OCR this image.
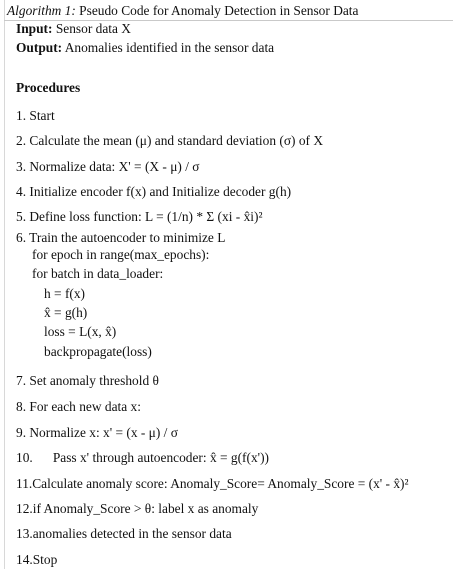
Algorithm 1: Pseudo Code for Anomaly Detection in Sensor Data
Input: Sensor data X
Output: Anomalies identified in the sensor data
Procedures
1. Start
2. Calculate the mean (μ) and standard deviation (σ) of X
3. Normalize data: X' = (X - μ) / σ
4. Initialize encoder f(x) and Initialize decoder g(h)
5. Define loss function: L = (1/n) * Σ (xi - x̂i)²
6. Train the autoencoder to minimize L
for epoch in range(max_epochs):
for batch in data_loader:
h = f(x)
x̂ = g(h)
loss = L(x, x̂)
backpropagate(loss)
7. Set anomaly threshold θ
8. For each new data x:
9. Normalize x: x' = (x - μ) / σ
10.  Pass x' through autoencoder: x̂ = g(f(x'))
11.Calculate anomaly score: Anomaly_Score= Anomaly_Score = (x' - x̂)²
12.if Anomaly_Score > θ: label x as anomaly
13.anomalies detected in the sensor data
14.Stop
